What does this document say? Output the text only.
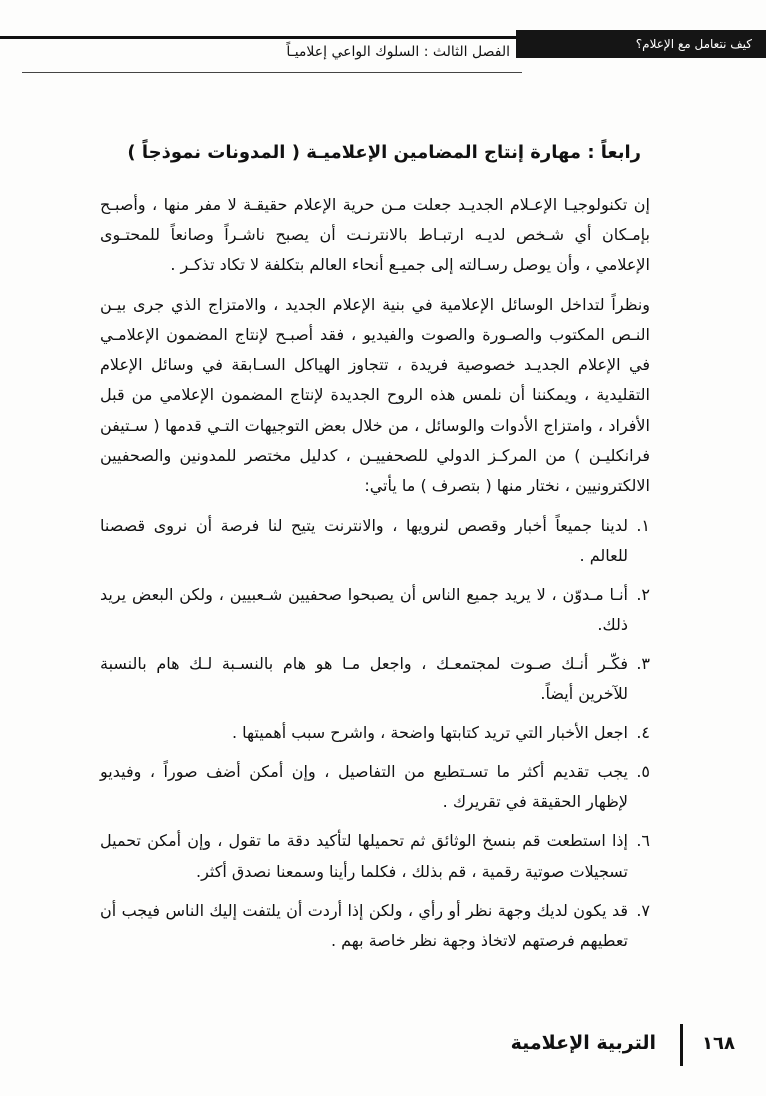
كيف نتعامل مع الإعلام؟
الفصل الثالث : السلوك الواعي إعلاميـاً
رابعاً : مهارة إنتاج المضامين الإعلاميـة ( المدونات نموذجاً )

إن تكنولوجيـا الإعـلام الجديـد جعلت مـن حرية الإعلام حقيقـة لا مفر منها ، وأصبـح بإمـكان أي شـخص لديـه ارتبـاط بالانترنـت أن يصبح ناشـراً وصانعاً للمحتـوى الإعلامي ، وأن يوصل رسـالته إلى جميـع أنحاء العالم بتكلفة لا تكاد تذكـر .

ونظراً لتداخل الوسائل الإعلامية في بنية الإعلام الجديد ، والامتزاج الذي جرى بيـن النـص المكتوب والصـورة والصوت والفيديو ، فقد أصبـح لإنتاج المضمون الإعلامـي في الإعلام الجديـد خصوصية فريدة ، تتجاوز الهياكل السـابقة في وسائل الإعلام التقليدية ، ويمكننا أن نلمس هذه الروح الجديدة لإنتاج المضمون الإعلامي من قبل الأفراد ، وامتزاج الأدوات والوسائل ، من خلال بعض التوجيهات التـي قدمها ( سـتيفن فرانكليـن ) من المركـز الدولي للصحفييـن ، كدليل مختصر للمدونين والصحفيين الالكترونيين ، نختار منها ( بتصرف ) ما يأتي:

١.
لدينا جميعاً أخبار وقصص لنرويها ، والانترنت يتيح لنا فرصة أن نروى قصصنا للعالم .
٢.
أنـا مـدوّن ، لا يريد جميع الناس أن يصبحوا صحفيين شـعبيين ، ولكن البعض يريد ذلك.
٣.
فكّـر أنـك صـوت لمجتمعـك ، واجعل مـا هو هام بالنسـبة لـك هام بالنسبة للآخرين أيضاً.
٤.
اجعل الأخبار التي تريد كتابتها واضحة ، واشرح سبب أهميتها .
٥.
يجب تقديم أكثر ما تسـتطيع من التفاصيل ، وإن أمكن أضف صوراً ، وفيديو لإظهار الحقيقة في تقريرك .
٦.
إذا استطعت قم بنسخ الوثائق ثم تحميلها لتأكيد دقة ما تقول ، وإن أمكن تحميل تسجيلات صوتية رقمية ، قم بذلك ، فكلما رأينا وسمعنا نصدق أكثر.
٧.
قد يكون لديك وجهة نظر أو رأي ، ولكن إذا أردت أن يلتفت إليك الناس فيجب أن تعطيهم فرصتهم لاتخاذ وجهة نظر خاصة بهم .
التربية الإعلامية	١٦٨
